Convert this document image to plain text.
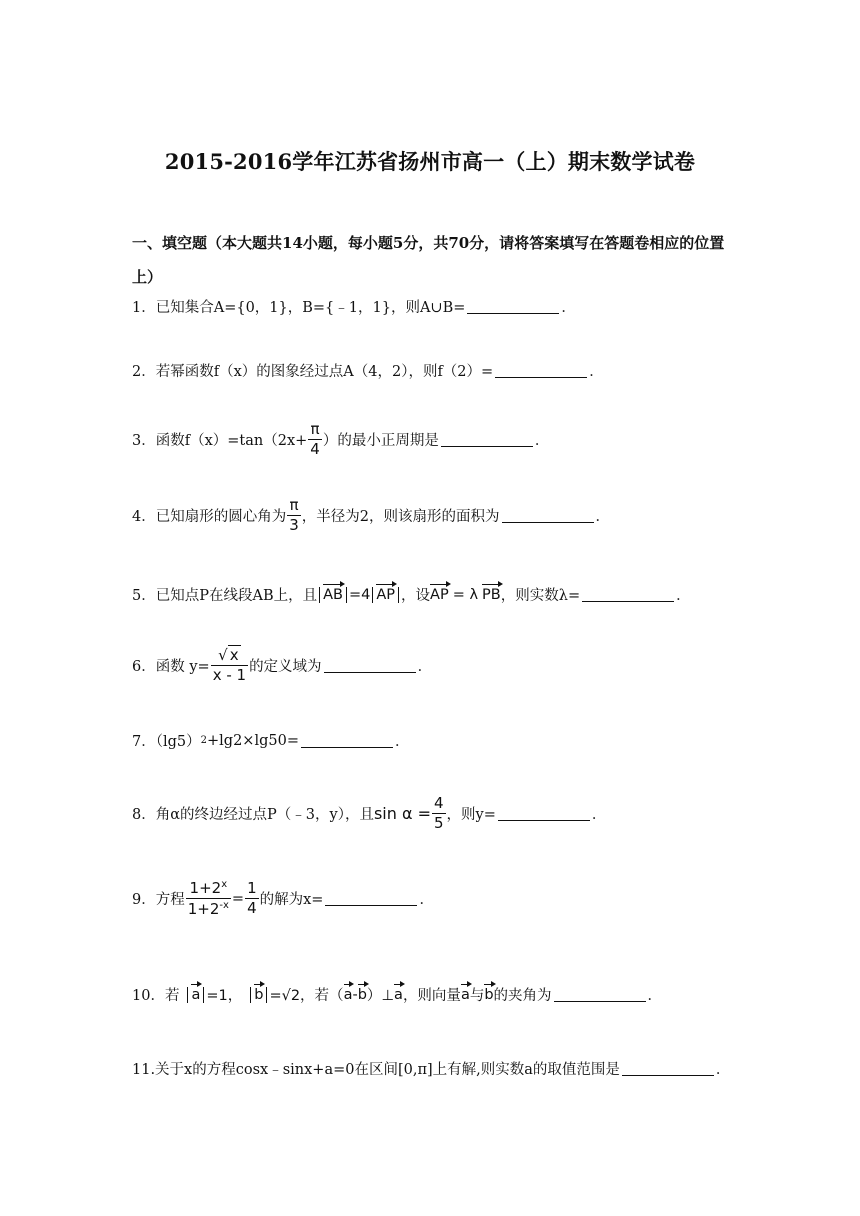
2015-2016学年江苏省扬州市高一（上）期末数学试卷
一、填空题（本大题共14小题，每小题5分，共70分，请将答案填写在答题卷相应的位置上）
1．已知集合A={0，1}，B={﹣1，1}，则A∪B=	．
2．若幂函数f（x）的图象经过点A（4，2），则f（2）=	．
3．函数$f(x)=\tan(2x+ \frac{\pi}{4}$ ）的最小正周期是	．
4．已知扇形的圆心角为 $\frac{\pi}{3}$ ，半径为2，则该扇形的面积为	．
5．已知点P在线段AB上，且 AB =4 AP ，设 AP = λ PB ，则实数λ=	．
6．函数 $y= \frac{√ x}{x - 1}$ 的定义域为	．
7．（lg5） 2 +lg2×lg50=	．
8．角α的终边经过点P（﹣3，y），且 $\sin \alpha = \frac{4}{5}$ ，则y=	．
9．方程 $\frac{1+2^x}{1+2^{-x}} = \frac{1}{4}$ 的解为x=	．
10．若 a =1， b =√2，若（ a - b ）⊥ a ，则向量 a 与 b 的夹角为	．
11.关于x的方程cosx﹣sinx+a=0在区间[0,π]上有解,则实数a的取值范围是	．
